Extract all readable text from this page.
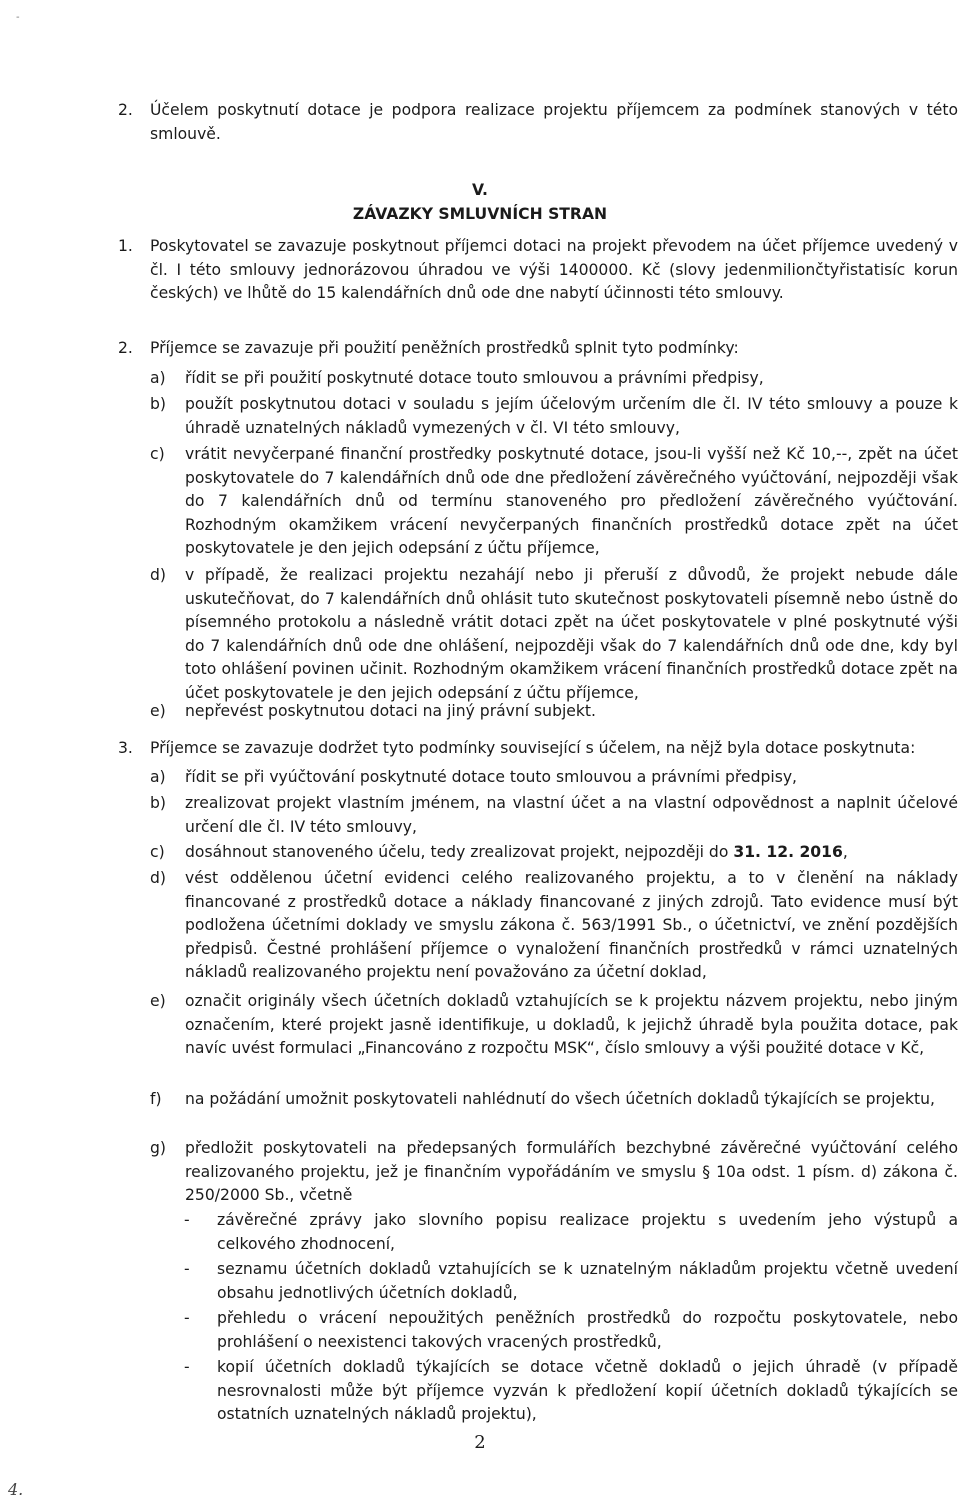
-
2. Účelem poskytnutí dotace je podpora realizace projektu příjemcem za podmínek stanových v této smlouvě.
V.
ZÁVAZKY SMLUVNÍCH STRAN
1. Poskytovatel se zavazuje poskytnout příjemci dotaci na projekt převodem na účet příjemce uvedený v čl. I této smlouvy jednorázovou úhradou ve výši 1400000. Kč (slovy jedenmiliončtyřistatisíc korun českých) ve lhůtě do 15 kalendářních dnů ode dne nabytí účinnosti této smlouvy.
2. Příjemce se zavazuje při použití peněžních prostředků splnit tyto podmínky:
a) řídit se při použití poskytnuté dotace touto smlouvou a právními předpisy,
b) použít poskytnutou dotaci v souladu s jejím účelovým určením dle čl. IV této smlouvy a pouze k úhradě uznatelných nákladů vymezených v čl. VI této smlouvy,
c) vrátit nevyčerpané finanční prostředky poskytnuté dotace, jsou-li vyšší než Kč 10,--, zpět na účet poskytovatele do 7 kalendářních dnů ode dne předložení závěrečného vyúčtování, nejpozději však do 7 kalendářních dnů od termínu stanoveného pro předložení závěrečného vyúčtování. Rozhodným okamžikem vrácení nevyčerpaných finančních prostředků dotace zpět na účet poskytovatele je den jejich odepsání z účtu příjemce,
d) v případě, že realizaci projektu nezahájí nebo ji přeruší z důvodů, že projekt nebude dále uskutečňovat, do 7 kalendářních dnů ohlásit tuto skutečnost poskytovateli písemně nebo ústně do písemného protokolu a následně vrátit dotaci zpět na účet poskytovatele v plné poskytnuté výši do 7 kalendářních dnů ode dne ohlášení, nejpozději však do 7 kalendářních dnů ode dne, kdy byl toto ohlášení povinen učinit. Rozhodným okamžikem vrácení finančních prostředků dotace zpět na účet poskytovatele je den jejich odepsání z účtu příjemce,
e) nepřevést poskytnutou dotaci na jiný právní subjekt.
3. Příjemce se zavazuje dodržet tyto podmínky související s účelem, na nějž byla dotace poskytnuta:
a) řídit se při vyúčtování poskytnuté dotace touto smlouvou a právními předpisy,
b) zrealizovat projekt vlastním jménem, na vlastní účet a na vlastní odpovědnost a naplnit účelové určení dle čl. IV této smlouvy,
c) dosáhnout stanoveného účelu, tedy zrealizovat projekt, nejpozději do 31. 12. 2016,
d) vést oddělenou účetní evidenci celého realizovaného projektu, a to v členění na náklady financované z prostředků dotace a náklady financované z jiných zdrojů. Tato evidence musí být podložena účetními doklady ve smyslu zákona č. 563/1991 Sb., o účetnictví, ve znění pozdějších předpisů. Čestné prohlášení příjemce o vynaložení finančních prostředků v rámci uznatelných nákladů realizovaného projektu není považováno za účetní doklad,
e) označit originály všech účetních dokladů vztahujících se k projektu názvem projektu, nebo jiným označením, které projekt jasně identifikuje, u dokladů, k jejichž úhradě byla použita dotace, pak navíc uvést formulaci „Financováno z rozpočtu MSK“, číslo smlouvy a výši použité dotace v Kč,
f) na požádání umožnit poskytovateli nahlédnutí do všech účetních dokladů týkajících se projektu,
g) předložit poskytovateli na předepsaných formulářích bezchybné závěrečné vyúčtování celého realizovaného projektu, jež je finančním vypořádáním ve smyslu § 10a odst. 1 písm. d) zákona č. 250/2000 Sb., včetně
- závěrečné zprávy jako slovního popisu realizace projektu s uvedením jeho výstupů a celkového zhodnocení,
- seznamu účetních dokladů vztahujících se k uznatelným nákladům projektu včetně uvedení obsahu jednotlivých účetních dokladů,
- přehledu o vrácení nepoužitých peněžních prostředků do rozpočtu poskytovatele, nebo prohlášení o neexistenci takových vracených prostředků,
- kopií účetních dokladů týkajících se dotace včetně dokladů o jejich úhradě (v případě nesrovnalosti může být příjemce vyzván k předložení kopií účetních dokladů týkajících se ostatních uznatelných nákladů projektu),
2
4.
